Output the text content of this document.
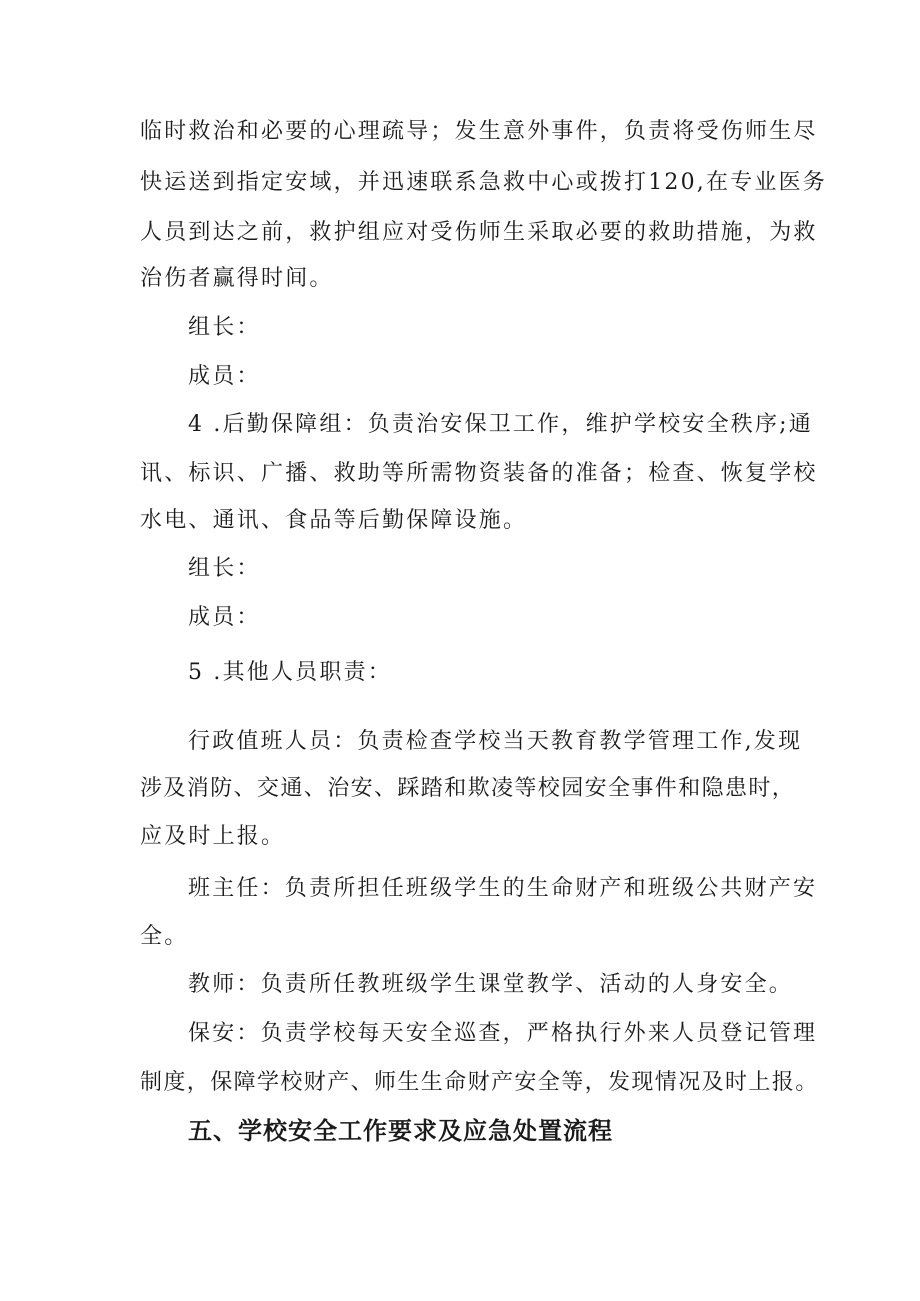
临时救治和必要的心理疏导；发生意外事件，负责将受伤师生尽
快运送到指定安域，并迅速联系急救中心或拨打120,在专业医务
人员到达之前，救护组应对受伤师生采取必要的救助措施，为救
治伤者赢得时间。
组长：
成员：
4 .后勤保障组：负责治安保卫工作，维护学校安全秩序;通
讯、标识、广播、救助等所需物资装备的准备；检查、恢复学校
水电、通讯、食品等后勤保障设施。
组长：
成员：
5 .其他人员职责：
行政值班人员：负责检查学校当天教育教学管理工作,发现
涉及消防、交通、治安、踩踏和欺凌等校园安全事件和隐患时，
应及时上报。
班主任：负责所担任班级学生的生命财产和班级公共财产安
全。
教师：负责所任教班级学生课堂教学、活动的人身安全。
保安：负责学校每天安全巡查，严格执行外来人员登记管理
制度，保障学校财产、师生生命财产安全等，发现情况及时上报。
五、学校安全工作要求及应急处置流程
